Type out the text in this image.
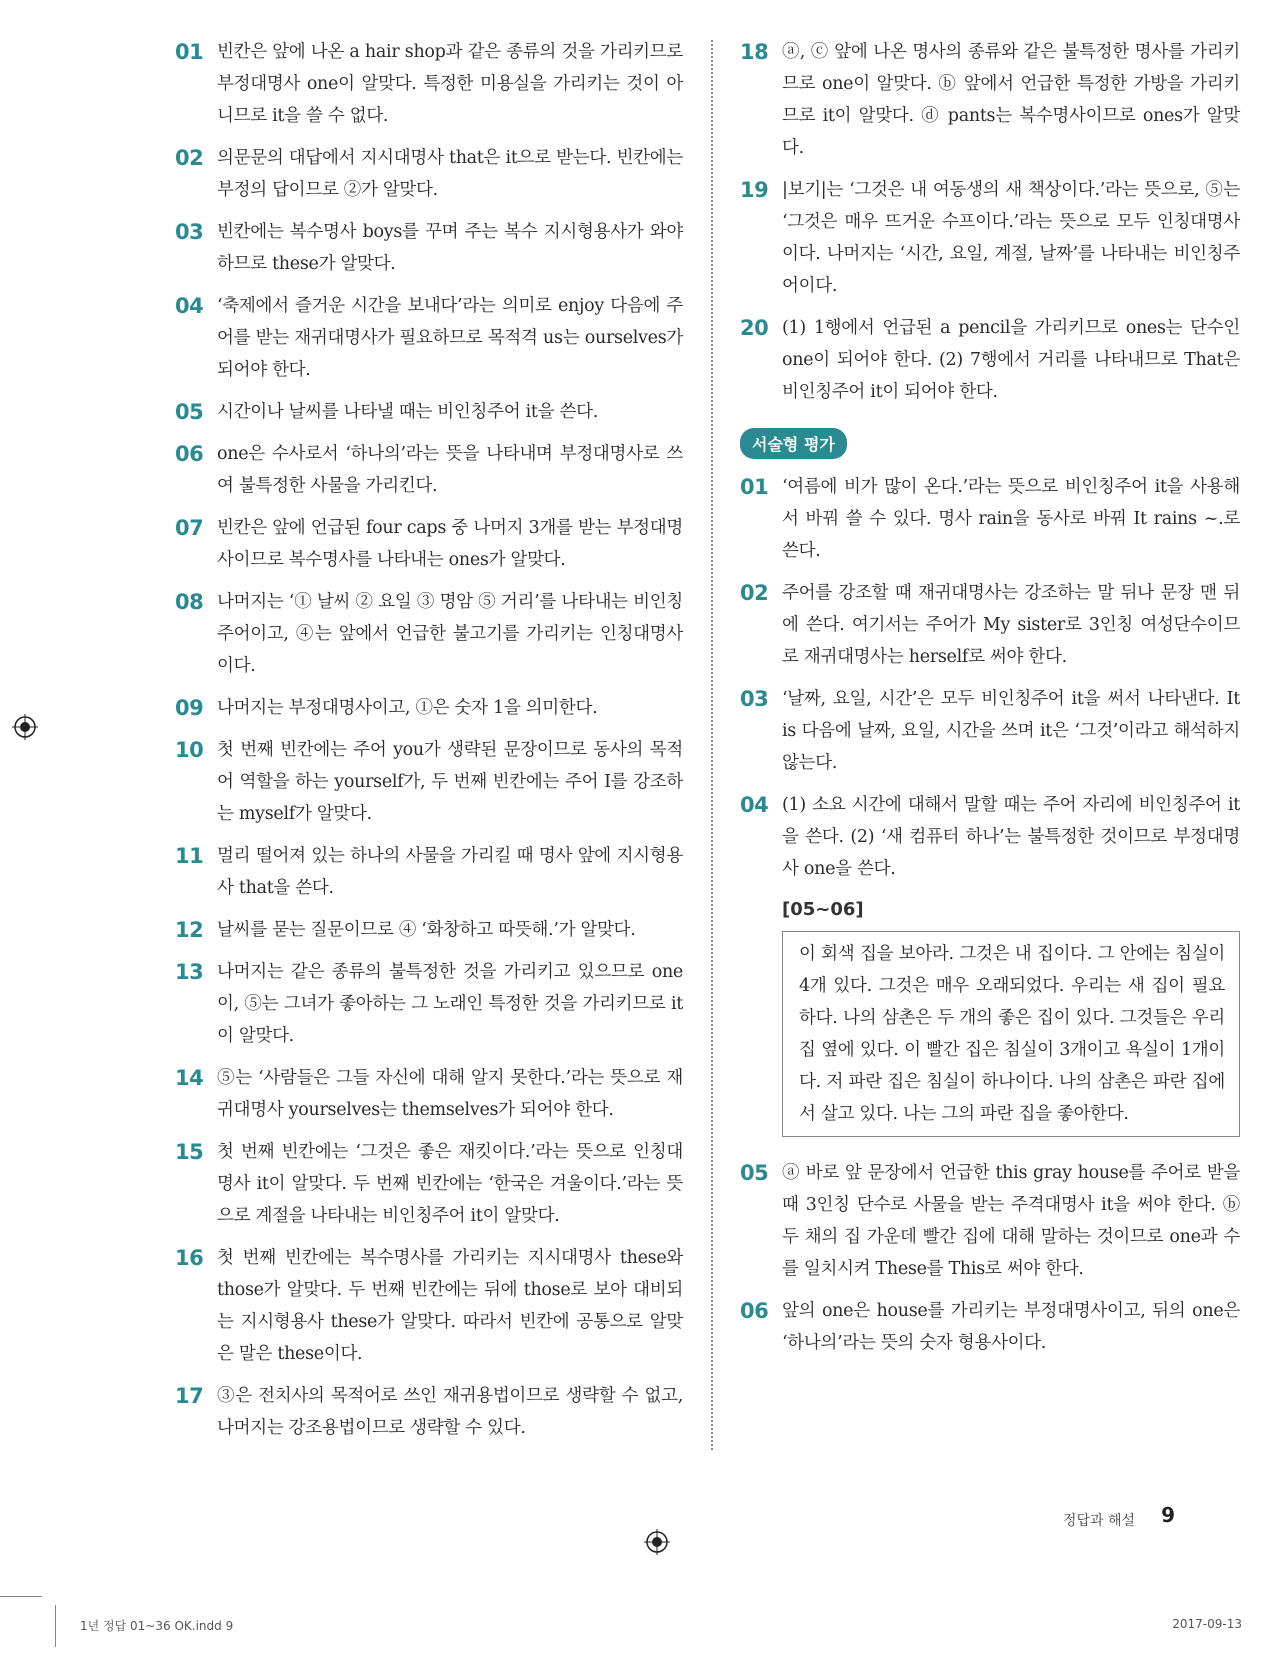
01 빈칸은 앞에 나온 a hair shop과 같은 종류의 것을 가리키므로 부정대명사 one이 알맞다. 특정한 미용실을 가리키는 것이 아니므로 it을 쓸 수 없다.
02 의문문의 대답에서 지시대명사 that은 it으로 받는다. 빈칸에는 부정의 답이므로 ②가 알맞다.
03 빈칸에는 복수명사 boys를 꾸며 주는 복수 지시형용사가 와야 하므로 these가 알맞다.
04 ‘축제에서 즐거운 시간을 보내다’라는 의미로 enjoy 다음에 주어를 받는 재귀대명사가 필요하므로 목적격 us는 ourselves가 되어야 한다.
05 시간이나 날씨를 나타낼 때는 비인칭주어 it을 쓴다.
06 one은 수사로서 ‘하나의’라는 뜻을 나타내며 부정대명사로 쓰여 불특정한 사물을 가리킨다.
07 빈칸은 앞에 언급된 four caps 중 나머지 3개를 받는 부정대명사이므로 복수명사를 나타내는 ones가 알맞다.
08 나머지는 ‘① 날씨 ② 요일 ③ 명암 ⑤ 거리’를 나타내는 비인칭주어이고, ④는 앞에서 언급한 불고기를 가리키는 인칭대명사이다.
09 나머지는 부정대명사이고, ①은 숫자 1을 의미한다.
10 첫 번째 빈칸에는 주어 you가 생략된 문장이므로 동사의 목적어 역할을 하는 yourself가, 두 번째 빈칸에는 주어 I를 강조하는 myself가 알맞다.
11 멀리 떨어져 있는 하나의 사물을 가리킬 때 명사 앞에 지시형용사 that을 쓴다.
12 날씨를 묻는 질문이므로 ④ ‘화창하고 따뜻해.’가 알맞다.
13 나머지는 같은 종류의 불특정한 것을 가리키고 있으므로 one이, ⑤는 그녀가 좋아하는 그 노래인 특정한 것을 가리키므로 it이 알맞다.
14 ⑤는 ‘사람들은 그들 자신에 대해 알지 못한다.’라는 뜻으로 재귀대명사 yourselves는 themselves가 되어야 한다.
15 첫 번째 빈칸에는 ‘그것은 좋은 재킷이다.’라는 뜻으로 인칭대명사 it이 알맞다. 두 번째 빈칸에는 ‘한국은 겨울이다.’라는 뜻으로 계절을 나타내는 비인칭주어 it이 알맞다.
16 첫 번째 빈칸에는 복수명사를 가리키는 지시대명사 these와 those가 알맞다. 두 번째 빈칸에는 뒤에 those로 보아 대비되는 지시형용사 these가 알맞다. 따라서 빈칸에 공통으로 알맞은 말은 these이다.
17 ③은 전치사의 목적어로 쓰인 재귀용법이므로 생략할 수 없고, 나머지는 강조용법이므로 생략할 수 있다.
18 ⓐ, ⓒ 앞에 나온 명사의 종류와 같은 불특정한 명사를 가리키므로 one이 알맞다. ⓑ 앞에서 언급한 특정한 가방을 가리키므로 it이 알맞다. ⓓ pants는 복수명사이므로 ones가 알맞다.
19 |보기|는 ‘그것은 내 여동생의 새 책상이다.’라는 뜻으로, ⑤는 ‘그것은 매우 뜨거운 수프이다.’라는 뜻으로 모두 인칭대명사이다. 나머지는 ‘시간, 요일, 계절, 날짜’를 나타내는 비인칭주어이다.
20 (1) 1행에서 언급된 a pencil을 가리키므로 ones는 단수인 one이 되어야 한다. (2) 7행에서 거리를 나타내므로 That은 비인칭주어 it이 되어야 한다.
서술형 평가
01 ‘여름에 비가 많이 온다.’라는 뜻으로 비인칭주어 it을 사용해서 바꿔 쓸 수 있다. 명사 rain을 동사로 바꿔 It rains ~.로 쓴다.
02 주어를 강조할 때 재귀대명사는 강조하는 말 뒤나 문장 맨 뒤에 쓴다. 여기서는 주어가 My sister로 3인칭 여성단수이므로 재귀대명사는 herself로 써야 한다.
03 ‘날짜, 요일, 시간’은 모두 비인칭주어 it을 써서 나타낸다. It is 다음에 날짜, 요일, 시간을 쓰며 it은 ‘그것’이라고 해석하지 않는다.
04 (1) 소요 시간에 대해서 말할 때는 주어 자리에 비인칭주어 it을 쓴다. (2) ‘새 컴퓨터 하나’는 불특정한 것이므로 부정대명사 one을 쓴다.
[05~06]
이 회색 집을 보아라. 그것은 내 집이다. 그 안에는 침실이 4개 있다. 그것은 매우 오래되었다. 우리는 새 집이 필요하다. 나의 삼촌은 두 개의 좋은 집이 있다. 그것들은 우리 집 옆에 있다. 이 빨간 집은 침실이 3개이고 욕실이 1개이다. 저 파란 집은 침실이 하나이다. 나의 삼촌은 파란 집에서 살고 있다. 나는 그의 파란 집을 좋아한다.
05 ⓐ 바로 앞 문장에서 언급한 this gray house를 주어로 받을 때 3인칭 단수로 사물을 받는 주격대명사 it을 써야 한다. ⓑ 두 채의 집 가운데 빨간 집에 대해 말하는 것이므로 one과 수를 일치시켜 These를 This로 써야 한다.
06 앞의 one은 house를 가리키는 부정대명사이고, 뒤의 one은 ‘하나의’라는 뜻의 숫자 형용사이다.
정답과 해설 9
1년 정답 01~36 OK.indd 9	2017-09-13
